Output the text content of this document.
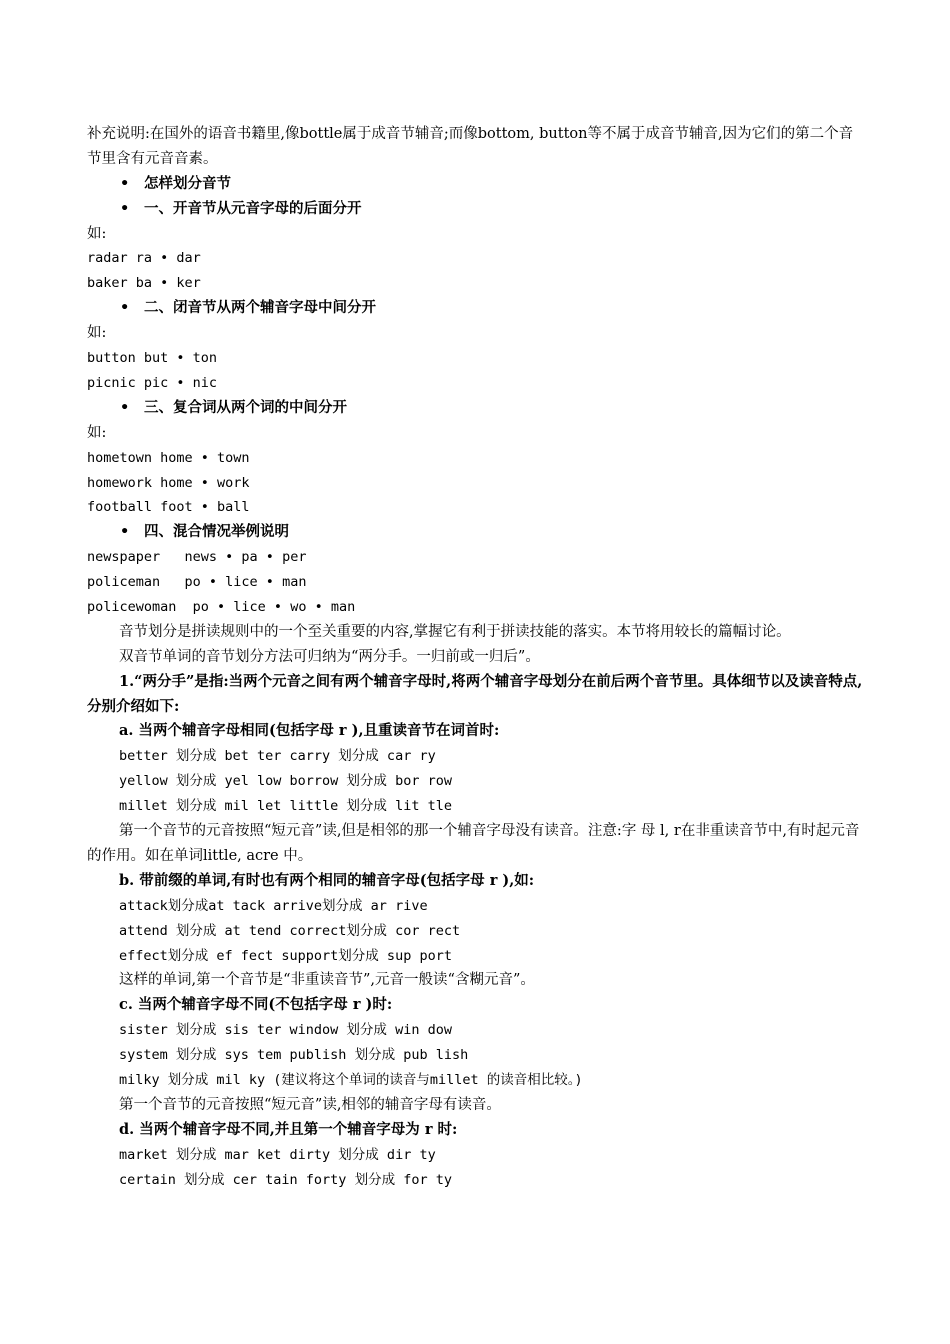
补充说明:在国外的语音书籍里,像bottle属于成音节辅音;而像bottom, button等不属于成音节辅音,因为它们的第二个音节里含有元音音素。
• 怎样划分音节
• 一、开音节从元音字母的后面分开
如:
radar ra • dar
baker ba • ker
• 二、闭音节从两个辅音字母中间分开
如:
button but • ton
picnic pic • nic
• 三、复合词从两个词的中间分开
如:
hometown home • town
homework home • work
football foot • ball
• 四、混合情况举例说明
newspaper   news • pa • per
policeman   po • lice • man
policewoman  po • lice • wo • man
音节划分是拼读规则中的一个至关重要的内容,掌握它有利于拼读技能的落实。本节将用较长的篇幅讨论。
双音节单词的音节划分方法可归纳为“两分手。一归前或一归后”。
1.“两分手”是指:当两个元音之间有两个辅音字母时,将两个辅音字母划分在前后两个音节里。具体细节以及读音特点,分别介绍如下:
a. 当两个辅音字母相同(包括字母 r ),且重读音节在词首时:
better 划分成 bet ter carry 划分成 car ry
yellow 划分成 yel low borrow 划分成 bor row
millet 划分成 mil let little 划分成 lit tle
第一个音节的元音按照“短元音”读,但是相邻的那一个辅音字母没有读音。注意:字 母 l, r在非重读音节中,有时起元音的作用。如在单词little, acre 中。
b. 带前缀的单词,有时也有两个相同的辅音字母(包括字母 r ),如:
attack划分成at tack arrive划分成 ar rive
attend 划分成 at tend correct划分成 cor rect
effect划分成 ef fect support划分成 sup port
这样的单词,第一个音节是“非重读音节”,元音一般读“含糊元音”。
c. 当两个辅音字母不同(不包括字母 r )时:
sister 划分成 sis ter window 划分成 win dow
system 划分成 sys tem publish 划分成 pub lish
milky 划分成 mil ky (建议将这个单词的读音与millet 的读音相比较。)
第一个音节的元音按照“短元音”读,相邻的辅音字母有读音。
d. 当两个辅音字母不同,并且第一个辅音字母为 r 时:
market 划分成 mar ket dirty 划分成 dir ty
certain 划分成 cer tain forty 划分成 for ty
